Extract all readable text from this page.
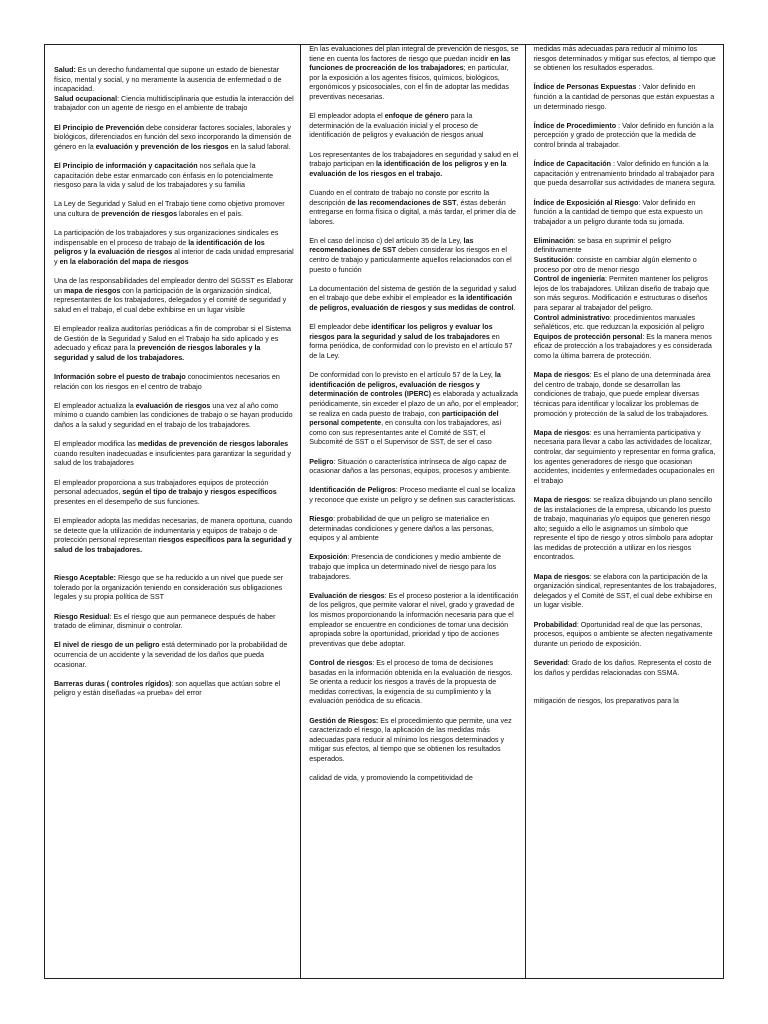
Salud: Es un derecho fundamental que supone un estado de bienestar físico, mental y social, y no meramente la ausencia de enfermedad o de incapacidad.

Salud ocupacional: Ciencia multidisciplinaria que estudia la interacción del trabajador con un agente de riesgo en el ambiente de trabajo

El Principio de Prevención debe considerar factores sociales, laborales y biológicos, diferenciados en función del sexo incorporando la dimensión de género en la evaluación y prevención de los riesgos en la salud laboral.

El Principio de información y capacitación nos señala que la capacitación debe estar enmarcado con énfasis en lo potencialmente riesgoso para la vida y salud de los trabajadores y su familia

La Ley de Seguridad y Salud en el Trabajo tiene como objetivo promover una cultura de prevención de riesgos laborales en el país.

La participación de los trabajadores y sus organizaciones sindicales es indispensable en el proceso de trabajo de la identificación de los peligros y la evaluación de riesgos al interior de cada unidad empresarial y en la elaboración del mapa de riesgos

Una de las responsabilidades del empleador dentro del SGSST es Elaborar un mapa de riesgos con la participación de la organización sindical, representantes de los trabajadores, delegados y el comité de seguridad y salud en el trabajo, el cual debe exhibirse en un lugar visible

El empleador realiza auditorías periódicas a fin de comprobar si el Sistema de Gestión de la Seguridad y Salud en el Trabajo ha sido aplicado y es adecuado y eficaz para la prevención de riesgos laborales y la seguridad y salud de los trabajadores.

Información sobre el puesto de trabajo conocimientos necesarios en relación con los riesgos en el centro de trabajo

El empleador actualiza la evaluación de riesgos una vez al año como mínimo o cuando cambien las condiciones de trabajo o se hayan producido daños a la salud y seguridad en el trabajo de los trabajadores.

El empleador modifica las medidas de prevención de riesgos laborales cuando resulten inadecuadas e insuficientes para garantizar la seguridad y salud de los trabajadores

El empleador proporciona a sus trabajadores equipos de protección personal adecuados, según el tipo de trabajo y riesgos específicos presentes en el desempeño de sus funciones.

El empleador adopta las medidas necesarias, de manera oportuna, cuando se detecte que la utilización de indumentaria y equipos de trabajo o de protección personal representan riesgos específicos para la seguridad y salud de los trabajadores.

Riesgo Aceptable: Riesgo que se ha reducido a un nivel que puede ser tolerado por la organización teniendo en consideración sus obligaciones legales y su propia política de SST

Riesgo Residual: Es el riesgo que aun permanece después de haber tratado de eliminar, disminuir o controlar.

El nivel de riesgo de un peligro está determinado por la probabilidad de ocurrencia de un accidente y la severidad de los daños que pueda ocasionar.

Barreras duras ( controles rígidos): son aquellas que actúan sobre el peligro y están diseñadas «a prueba» del error

En las evaluaciones del plan integral de prevención de riesgos, se tiene en cuenta los factores de riesgo que puedan incidir en las funciones de procreación de los trabajadores; en particular, por la exposición a los agentes físicos, químicos, biológicos, ergonómicos y psicosociales, con el fin de adoptar las medidas preventivas necesarias.

El empleador adopta el enfoque de género para la determinación de la evaluación inicial y el proceso de identificación de peligros y evaluación de riesgos anual

Los representantes de los trabajadores en seguridad y salud en el trabajo participan en la identificación de los peligros y en la evaluación de los riesgos en el trabajo.

Cuando en el contrato de trabajo no conste por escrito la descripción de las recomendaciones de SST, éstas deberán entregarse en forma física o digital, a más tardar, el primer día de labores.

En el caso del inciso c) del artículo 35 de la Ley, las recomendaciones de SST deben considerar los riesgos en el centro de trabajo y particularmente aquellos relacionados con el puesto o función

La documentación del sistema de gestión de la seguridad y salud en el trabajo que debe exhibir el empleador es la identificación de peligros, evaluación de riesgos y sus medidas de control.

El empleador debe identificar los peligros y evaluar los riesgos para la seguridad y salud de los trabajadores en forma periódica, de conformidad con lo previsto en el artículo 57 de la Ley.

De conformidad con lo previsto en el artículo 57 de la Ley, la identificación de peligros, evaluación de riesgos y determinación de controles (IPERC) es elaborada y actualizada periódicamente, sin exceder el plazo de un año, por el empleador; se realiza en cada puesto de trabajo, con participación del personal competente, en consulta con los trabajadores, así como con sus representantes ante el Comité de SST, el Subcomité de SST o el Supervisor de SST, de ser el caso

Peligro: Situación o característica intrínseca de algo capaz de ocasionar daños a las personas, equipos, procesos y ambiente.

Identificación de Peligros: Proceso mediante el cual se localiza y reconoce que existe un peligro y se definen sus características.

Riesgo: probabilidad de que un peligro se materialice en determinadas condiciones y genere daños a las personas, equipos y al ambiente

Exposición: Presencia de condiciones y medio ambiente de trabajo que implica un determinado nivel de riesgo para los trabajadores.

Evaluación de riesgos: Es el proceso posterior a la identificación de los peligros, que permite valorar el nivel, grado y gravedad de los mismos proporcionando la información necesaria para que el empleador se encuentre en condiciones de tomar una decisión apropiada sobre la oportunidad, prioridad y tipo de acciones preventivas que debe adoptar.

Control de riesgos: Es el proceso de toma de decisiones basadas en la información obtenida en la evaluación de riesgos. Se orienta a reducir los riesgos a través de la propuesta de medidas correctivas, la exigencia de su cumplimiento y la evaluación periódica de su eficacia.

Gestión de Riesgos: Es el procedimiento que permite, una vez caracterizado el riesgo, la aplicación de las medidas más adecuadas para reducir al mínimo los riesgos determinados y mitigar sus efectos, al tiempo que se obtienen los resultados esperados.

calidad de vida, y promoviendo la competitividad de

medidas más adecuadas para reducir al mínimo los riesgos determinados y mitigar sus efectos, al tiempo que se obtienen los resultados esperados.

Índice de Personas Expuestas : Valor definido en función a la cantidad de personas que están expuestas a un determinado riesgo.

Índice de Procedimiento : Valor definido en función a la percepción y grado de protección que la medida de control brinda al trabajador.

Índice de Capacitación : Valor definido en función a la capacitación y entrenamiento brindado al trabajador para que pueda desarrollar sus actividades de manera segura.

Índice de Exposición al Riesgo: Valor definido en función a la cantidad de tiempo que esta expuesto un trabajador a un peligro durante toda su jornada.

Eliminación: se basa en suprimir el peligro definitivamente

Sustitución: consiste en cambiar algún elemento o proceso por otro de menor riesgo

Control de ingeniería: Permiten mantener los peligros lejos de los trabajadores. Utilizan diseño de trabajo que son más seguros. Modificación e estructuras o diseños para separar al trabajador del peligro.

Control administrativo: procedimientos manuales señaléticos, etc. que reduzcan la exposición al peligro

Equipos de protección personal: Es la manera menos eficaz de protección a los trabajadores y es considerada como la última barrera de protección.

Mapa de riesgos: Es el plano de una determinada área del centro de trabajo, donde se desarrollan las condiciones de trabajo, que puede emplear diversas técnicas para identificar y localizar los problemas de promoción y protección de la salud de los trabajadores.

Mapa de riesgos: es una herramienta participativa y necesaria para llevar a cabo las actividades de localizar, controlar, dar seguimiento y representar en forma grafica, los agentes generadores de riesgo que ocasionan accidentes, incidentes y enfermedades ocupacionales en el trabajo

Mapa de riesgos: se realiza dibujando un plano sencillo de las instalaciones de la empresa, ubicando los puesto de trabajo, maquinarias y/o equipos que generen riesgo alto; seguido a ello le asignamos un símbolo que represente el tipo de riesgo y otros símbolo para adoptar las medidas de protección a utilizar en los riesgos encontrados.

Mapa de riesgos: se elabora con la participación de la organización sindical, representantes de los trabajadores, delegados y el Comité de SST, el cual debe exhibirse en un lugar visible.

Probabilidad: Oportunidad real de que las personas, procesos, equipos o ambiente se afecten negativamente durante un periodo de exposición.

Severidad: Grado de los daños. Representa el costo de los daños y perdidas relacionadas con SSMA.

mitigación de riesgos, los preparativos para la
